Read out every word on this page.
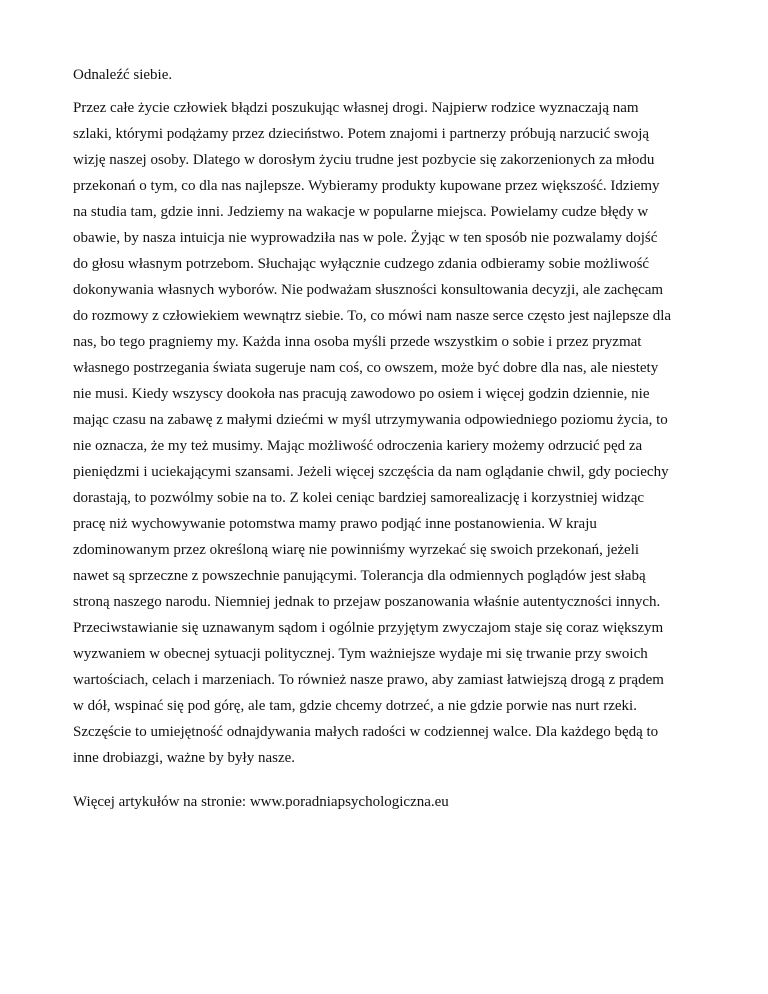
Odnaleźć siebie.

Przez całe życie człowiek błądzi poszukując własnej drogi. Najpierw rodzice wyznaczają nam
szlaki, którymi podążamy przez dzieciństwo. Potem znajomi i partnerzy próbują narzucić swoją
wizję naszej osoby. Dlatego w dorosłym życiu trudne jest pozbycie się zakorzenionych za młodu
przekonań o tym, co dla nas najlepsze. Wybieramy produkty kupowane przez większość. Idziemy
na studia tam, gdzie inni. Jedziemy na wakacje w popularne miejsca. Powielamy cudze błędy w
obawie, by nasza intuicja nie wyprowadziła nas w pole. Żyjąc w ten sposób nie pozwalamy dojść
do głosu własnym potrzebom. Słuchając wyłącznie cudzego zdania odbieramy sobie możliwość
dokonywania własnych wyborów. Nie podważam słuszności konsultowania decyzji, ale zachęcam
do rozmowy z człowiekiem wewnątrz siebie. To, co mówi nam nasze serce często jest najlepsze dla
nas, bo tego pragniemy my. Każda inna osoba myśli przede wszystkim o sobie i przez pryzmat
własnego postrzegania świata sugeruje nam coś, co owszem, może być dobre dla nas, ale niestety
nie musi. Kiedy wszyscy dookoła nas pracują zawodowo po osiem i więcej godzin dziennie, nie
mając czasu na zabawę z małymi dziećmi w myśl utrzymywania odpowiedniego poziomu życia, to
nie oznacza, że my też musimy. Mając możliwość odroczenia kariery możemy odrzucić pęd za
pieniędzmi i uciekającymi szansami. Jeżeli więcej szczęścia da nam oglądanie chwil, gdy pociechy
dorastają, to pozwólmy sobie na to. Z kolei ceniąc bardziej samorealizację i korzystniej widząc
pracę niż wychowywanie potomstwa mamy prawo podjąć inne postanowienia. W kraju
zdominowanym przez określoną wiarę nie powinniśmy wyrzekać się swoich przekonań, jeżeli
nawet są sprzeczne z powszechnie panującymi. Tolerancja dla odmiennych poglądów jest słabą
stroną naszego narodu. Niemniej jednak to przejaw poszanowania właśnie autentyczności innych.
Przeciwstawianie się uznawanym sądom i ogólnie przyjętym zwyczajom staje się coraz większym
wyzwaniem w obecnej sytuacji politycznej. Tym ważniejsze wydaje mi się trwanie przy swoich
wartościach, celach i marzeniach. To również nasze prawo, aby zamiast łatwiejszą drogą z prądem
w dół, wspinać się pod górę, ale tam, gdzie chcemy dotrzeć, a nie gdzie porwie nas nurt rzeki.
Szczęście to umiejętność odnajdywania małych radości w codziennej walce. Dla każdego będą to
inne drobiazgi, ważne by były nasze.

Więcej artykułów na stronie: www.poradniapsychologiczna.eu
